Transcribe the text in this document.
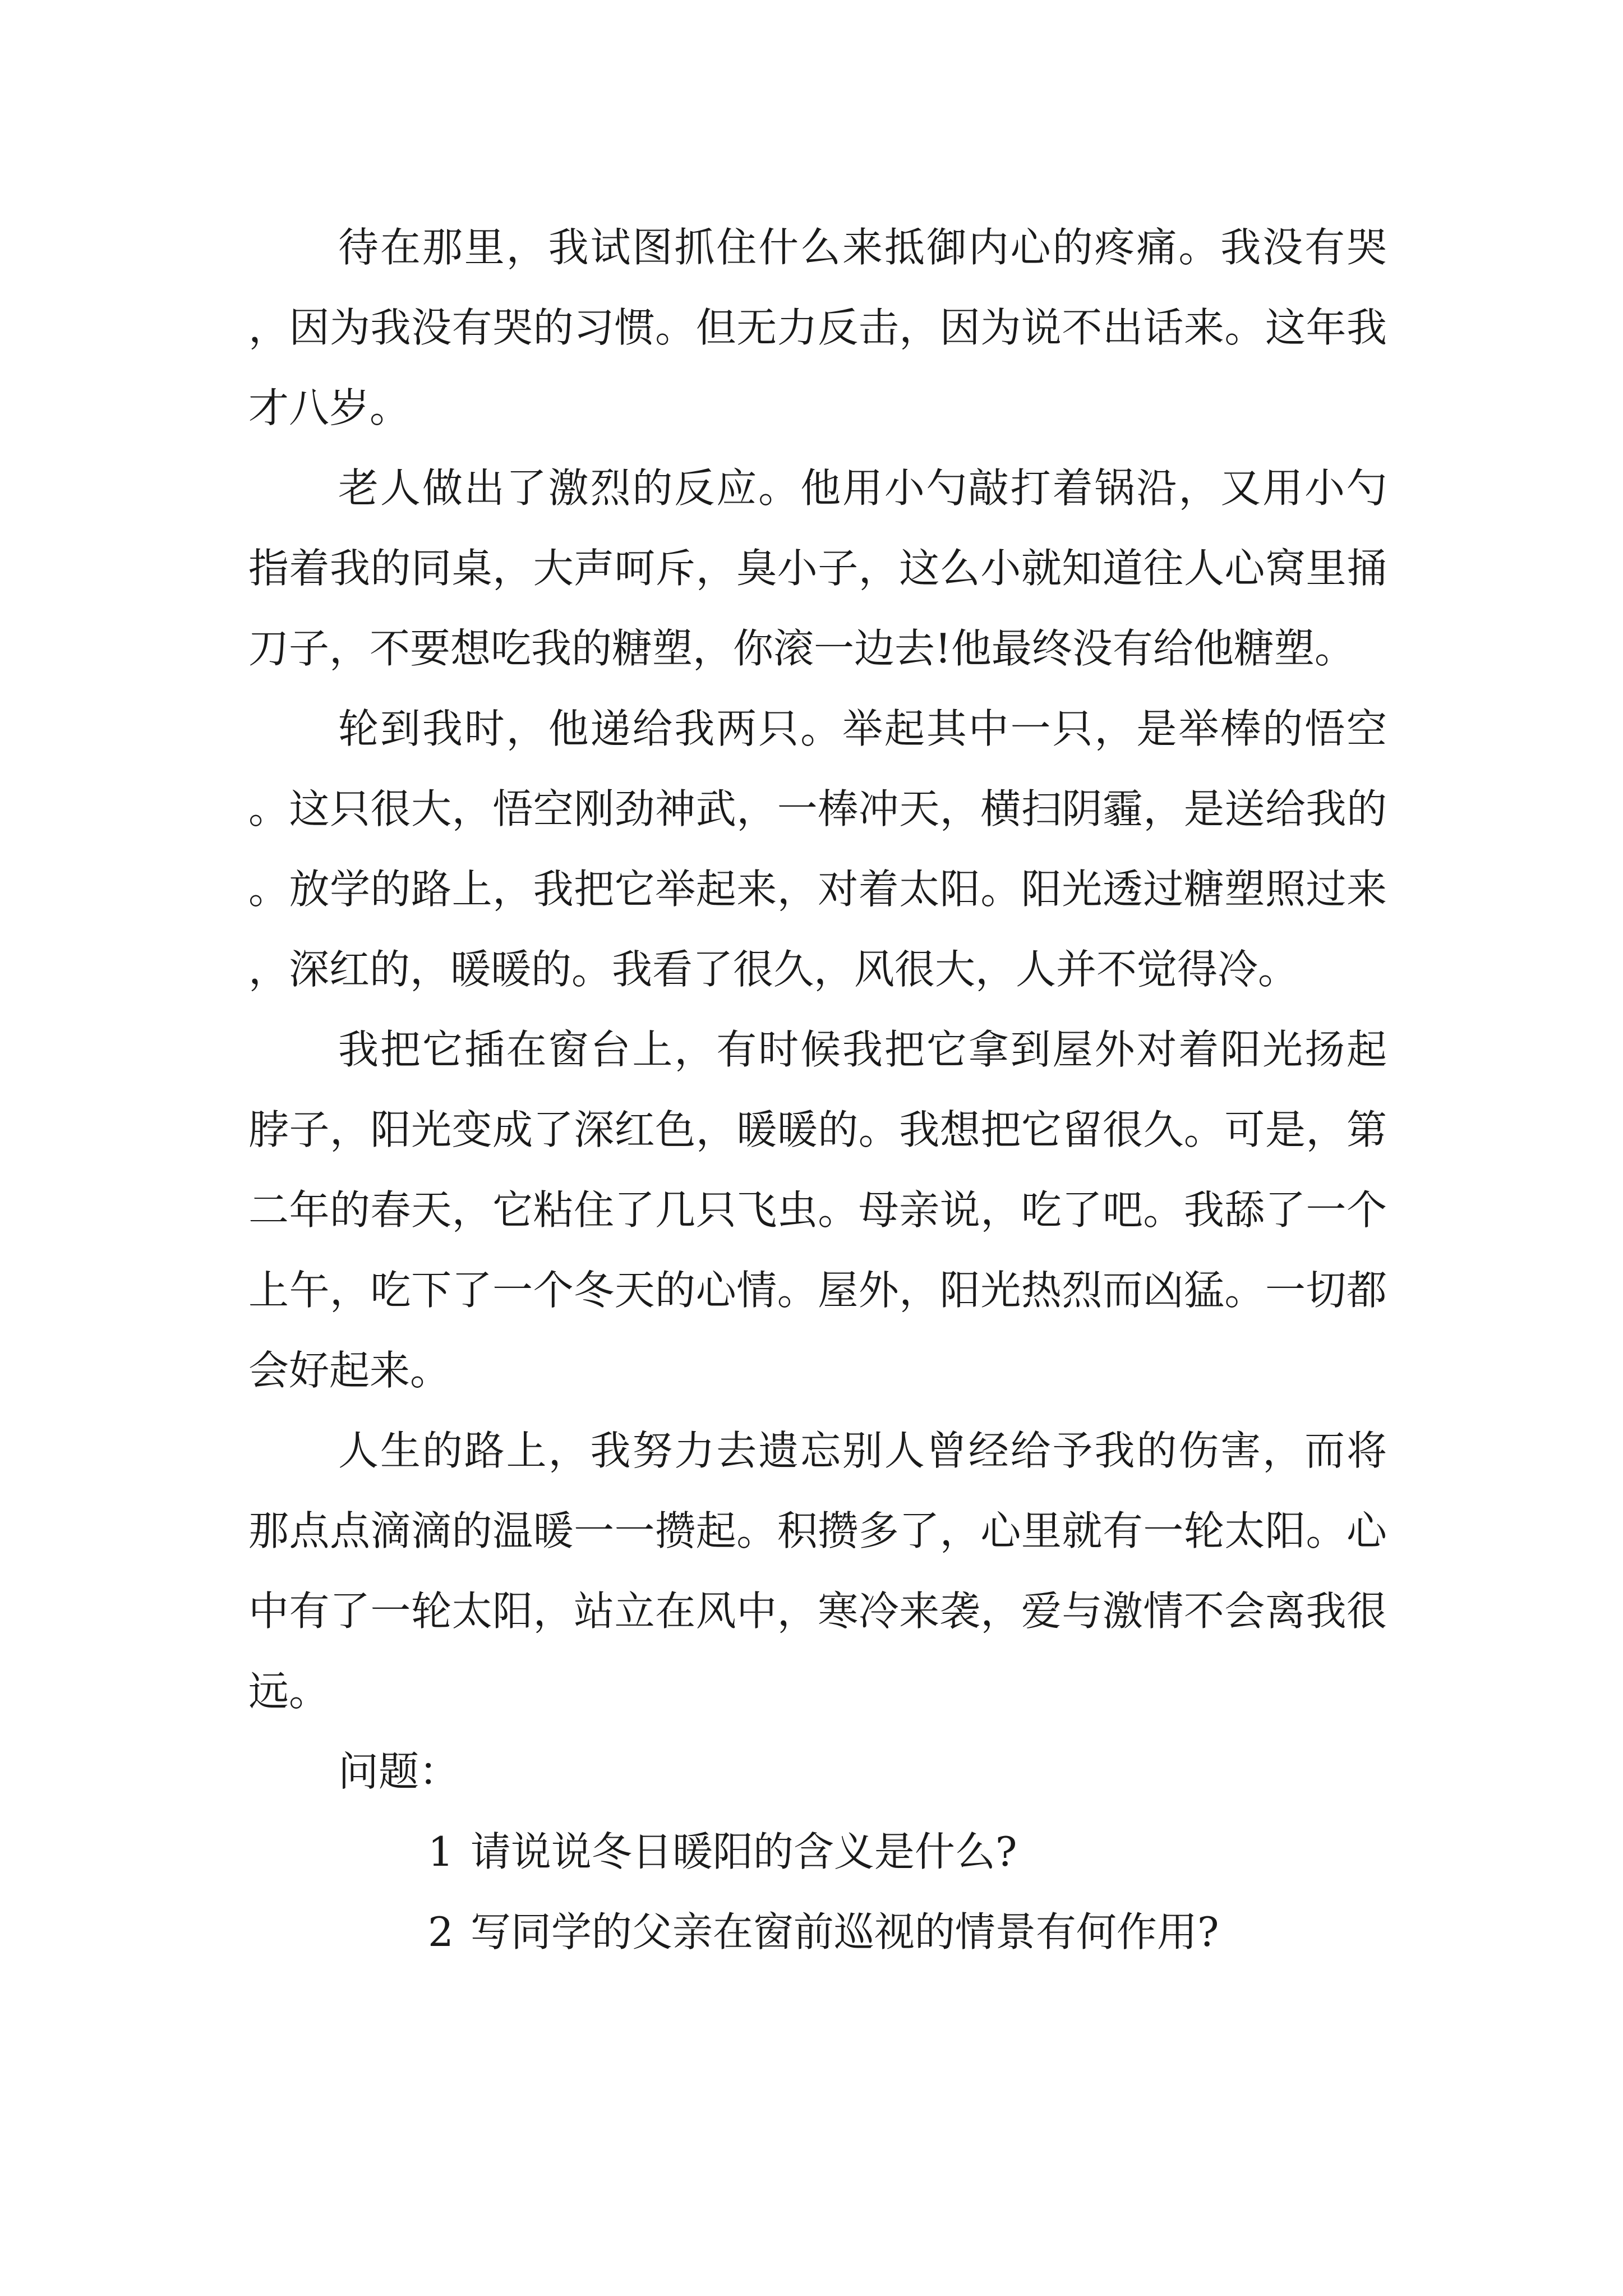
待在那里，我试图抓住什么来抵御内心的疼痛。我没有哭，因为我没有哭的习惯。但无力反击，因为说不出话来。这年我才八岁。

老人做出了激烈的反应。他用小勺敲打着锅沿，又用小勺指着我的同桌，大声呵斥，臭小子，这么小就知道往人心窝里捅刀子，不要想吃我的糖塑，你滚一边去!他最终没有给他糖塑。

轮到我时，他递给我两只。举起其中一只，是举棒的悟空。这只很大，悟空刚劲神武，一棒冲天，横扫阴霾，是送给我的。放学的路上，我把它举起来，对着太阳。阳光透过糖塑照过来，深红的，暖暖的。我看了很久，风很大，人并不觉得冷。

我把它插在窗台上，有时候我把它拿到屋外对着阳光扬起脖子，阳光变成了深红色，暖暖的。我想把它留很久。可是，第二年的春天，它粘住了几只飞虫。母亲说，吃了吧。我舔了一个上午，吃下了一个冬天的心情。屋外，阳光热烈而凶猛。一切都会好起来。

人生的路上，我努力去遗忘别人曾经给予我的伤害，而将那点点滴滴的温暖一一攒起。积攒多了，心里就有一轮太阳。心中有了一轮太阳，站立在风中，寒冷来袭，爱与激情不会离我很远。

问题：

1 请说说冬日暖阳的含义是什么?

2 写同学的父亲在窗前巡视的情景有何作用?
